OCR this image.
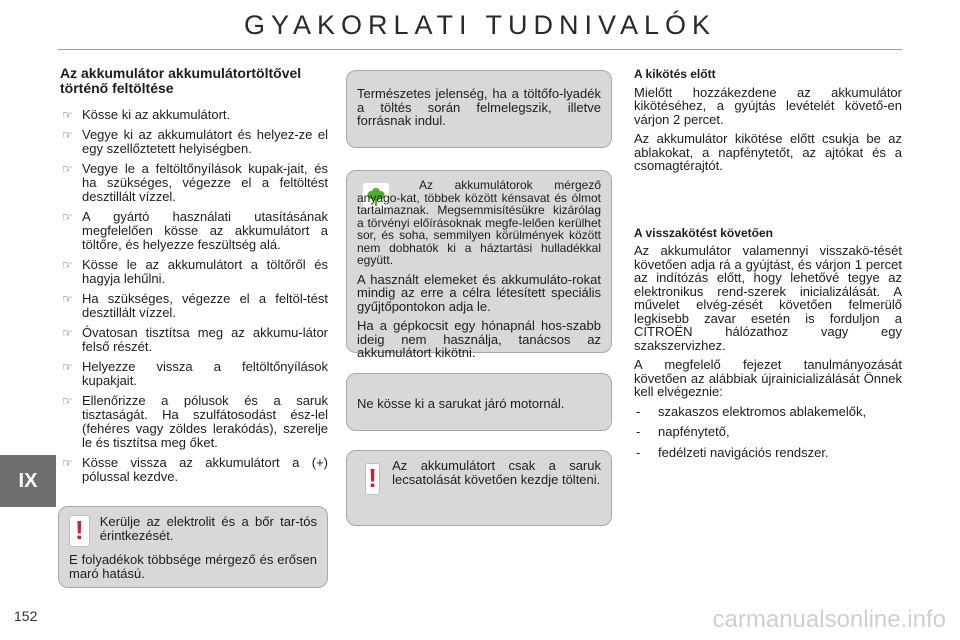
GYAKORLATI TUDNIVALÓK
IX
152	carmanualsonline.info
Az akkumulátor akkumulátortöltővel történő feltöltése
☞ Kösse ki az akkumulátort.
☞ Vegye ki az akkumulátort és helyez-ze el egy szellőztetett helyiségben.
☞ Vegye le a feltöltőnyílások kupak-jait, és ha szükséges, végezze el a feltöltést desztillált vízzel.
☞ A gyártó használati utasításának megfelelően kösse az akkumulátort a töltőre, és helyezze feszültség alá.
☞ Kösse le az akkumulátort a töltőről és hagyja lehűlni.
☞ Ha szükséges, végezze el a feltöl-tést desztillált vízzel.
☞ Óvatosan tisztítsa meg az akkumu-látor felső részét.
☞ Helyezze vissza a feltöltőnyílások kupakjait.
☞ Ellenőrizze a pólusok és a saruk tisztaságát. Ha szulfátosodást ész-lel (fehéres vagy zöldes lerakódás), szerelje le és tisztítsa meg őket.
☞ Kösse vissza az akkumulátort a (+) pólussal kezdve.
!	Kerülje az elektrolit és a bőr tar-tós érintkezését.

E folyadékok többsége mérgező és erősen maró hatású.

Természetes jelenség, ha a töltőfo-lyadék a töltés során felmelegszik, illetve forrásnak indul.

Az akkumulátorok mérgező anyago-kat, többek között kénsavat és ólmot tartalmaznak. Megsemmisítésükre kizárólag a törvényi előírásoknak megfe-lelően kerülhet sor, és soha, semmilyen körülmények között nem dobhatók ki a háztartási hulladékkal együtt.

A használt elemeket és akkumuláto-rokat mindig az erre a célra létesített speciális gyűjtőpontokon adja le.

Ha a gépkocsit egy hónapnál hos-szabb ideig nem használja, tanácsos az akkumulátort kikötni.

Ne kösse ki a sarukat járó motornál.

! Az akkumulátort csak a saruk lecsatolását követően kezdje tölteni.
A kikötés előtt

Mielőtt hozzákezdene az akkumulátor kikötéséhez, a gyújtás levételét követő-en várjon 2 percet.

Az akkumulátor kikötése előtt csukja be az ablakokat, a napfénytetőt, az ajtókat és a csomagtérajtót.

A visszakötést követően

Az akkumulátor valamennyi visszakö-tését követően adja rá a gyújtást, és várjon 1 percet az indítózás előtt, hogy lehetővé tegye az elektronikus rend-szerek inicializálását. A művelet elvég-zését követően felmerülő legkisebb zavar esetén is forduljon a CITROËN hálózathoz vagy egy szakszervizhez.

A megfelelő fejezet tanulmányozását követően az alábbiak újrainicializálását Önnek kell elvégeznie:

- szakaszos elektromos ablakemelők,
- napfénytető,
- fedélzeti navigációs rendszer.
